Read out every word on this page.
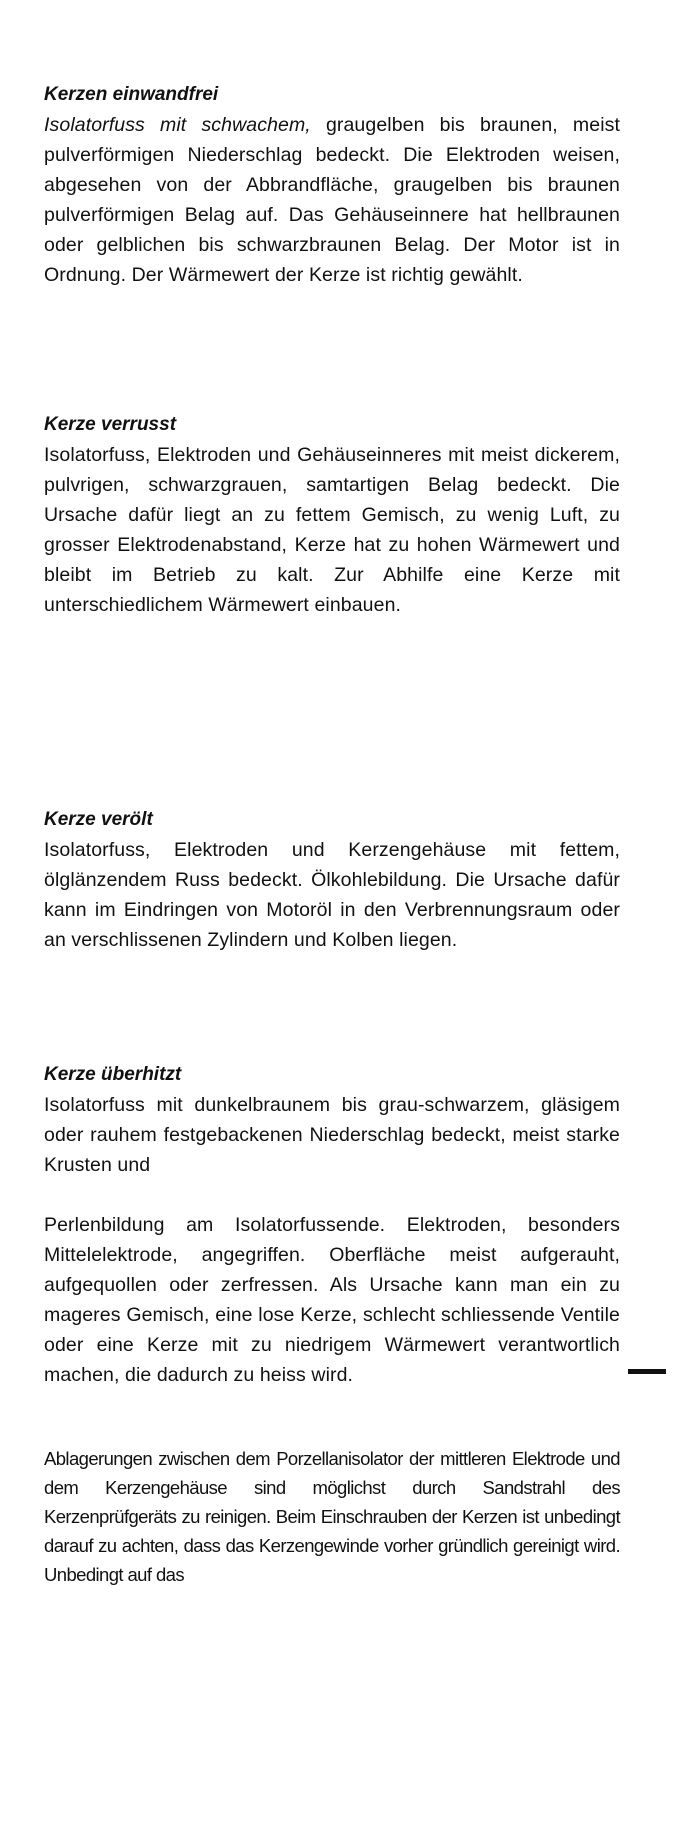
Kerzen einwandfrei

Isolatorfuss mit schwachem, graugelben bis braunen, meist pulverförmigen Niederschlag bedeckt. Die Elektroden weisen, abgesehen von der Abbrandfläche, graugelben bis braunen pulverförmigen Belag auf. Das Gehäuseinnere hat hellbraunen oder gelblichen bis schwarzbraunen Belag. Der Motor ist in Ordnung. Der Wärmewert der Kerze ist richtig gewählt.

Kerze verrusst

Isolatorfuss, Elektroden und Gehäuseinneres mit meist dickerem, pulvrigen, schwarzgrauen, samtartigen Belag bedeckt. Die Ursache dafür liegt an zu fettem Gemisch, zu wenig Luft, zu grosser Elektrodenabstand, Kerze hat zu hohen Wärmewert und bleibt im Betrieb zu kalt. Zur Abhilfe eine Kerze mit unterschiedlichem Wärmewert einbauen.

Kerze verölt

Isolatorfuss, Elektroden und Kerzengehäuse mit fettem, ölglänzendem Russ bedeckt. Ölkohlebildung. Die Ursache dafür kann im Eindringen von Motoröl in den Verbrennungsraum oder an verschlissenen Zylindern und Kolben liegen.

Kerze überhitzt

Isolatorfuss mit dunkelbraunem bis grau-schwarzem, gläsigem oder rauhem festgebackenen Niederschlag bedeckt, meist starke Krusten und

Perlenbildung am Isolatorfussende. Elektroden, besonders Mittelelektrode, angegriffen. Oberfläche meist aufgerauht, aufgequollen oder zerfressen. Als Ursache kann man ein zu mageres Gemisch, eine lose Kerze, schlecht schliessende Ventile oder eine Kerze mit zu niedrigem Wärmewert verantwortlich machen, die dadurch zu heiss wird.

Ablagerungen zwischen dem Porzellanisolator der mittleren Elektrode und dem Kerzengehäuse sind möglichst durch Sandstrahl des Kerzenprüfgeräts zu reinigen. Beim Einschrauben der Kerzen ist unbedingt darauf zu achten, dass das Kerzengewinde vorher gründlich gereinigt wird. Unbedingt auf das
